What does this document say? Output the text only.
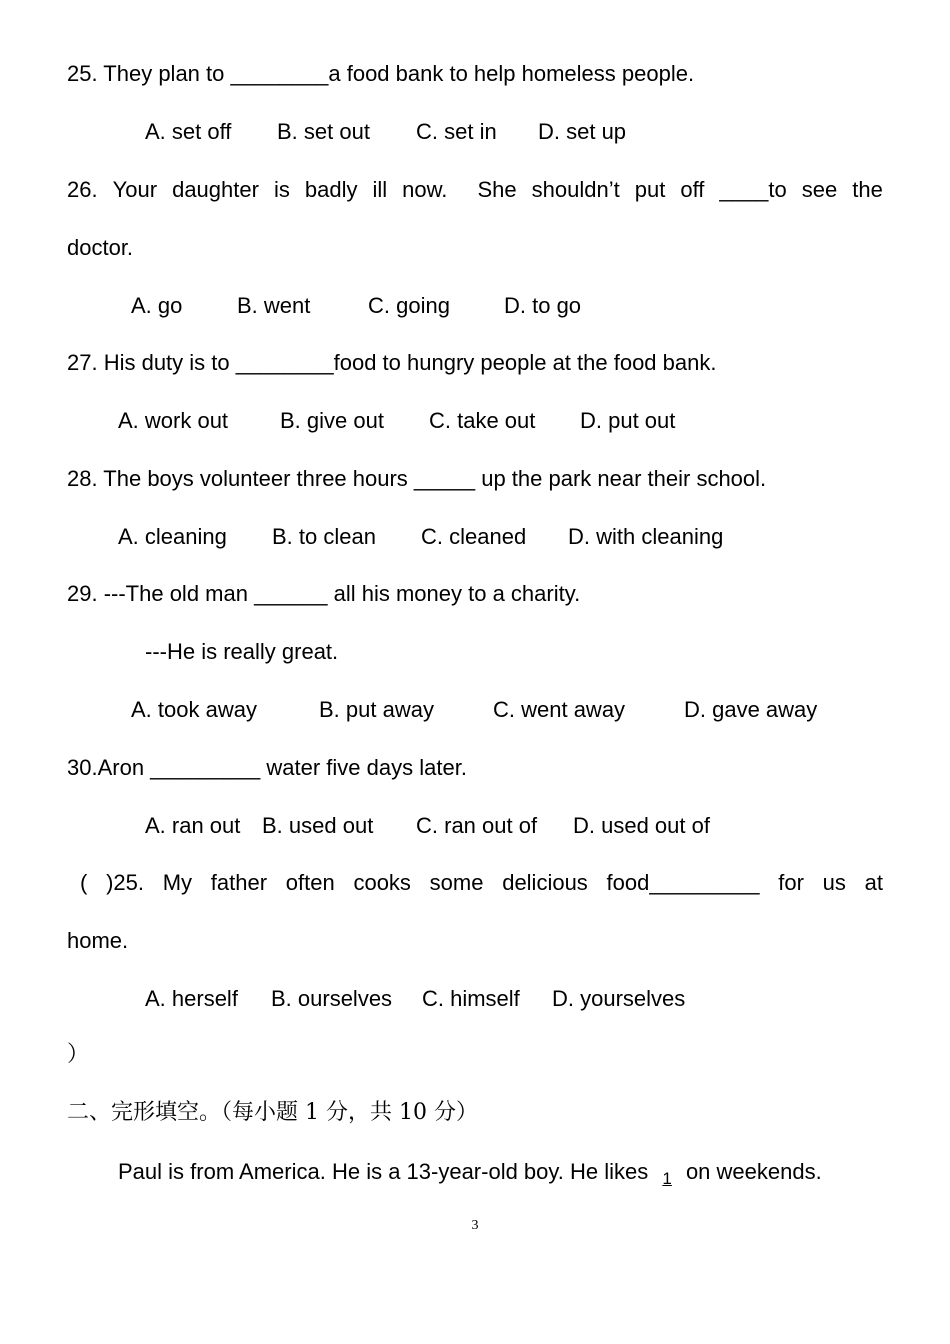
25. They plan to ________a food bank to help homeless people.
A. set off B. set out C. set in D. set up
26. Your daughter is badly ill now. She shouldn’t put off ____to see the
doctor.
A. go B. went	C. going D. to go
27. His duty is to ________food to hungry people at the food bank.
A. work out B. give out C. take out D. put out
28. The boys volunteer three hours _____ up the park near their school.
A. cleaning B. to clean C. cleaned D. with cleaning
29. ---The old man ______ all his money to a charity.
---He is really great.
A. took away	B. put away	C. went away	D. gave away
30.Aron _________ water five days later.
A. ran out B. used out C. ran out of D. used out of
( )25. My father often cooks some delicious food_________ for us at
home.
A. herself B. ourselves C. himself D. yourselves
）
二、完形填空。（每小题 1 分，共 10 分）
Paul is from America. He is a 13-year-old boy. He likes $_1$ on weekends.
3
